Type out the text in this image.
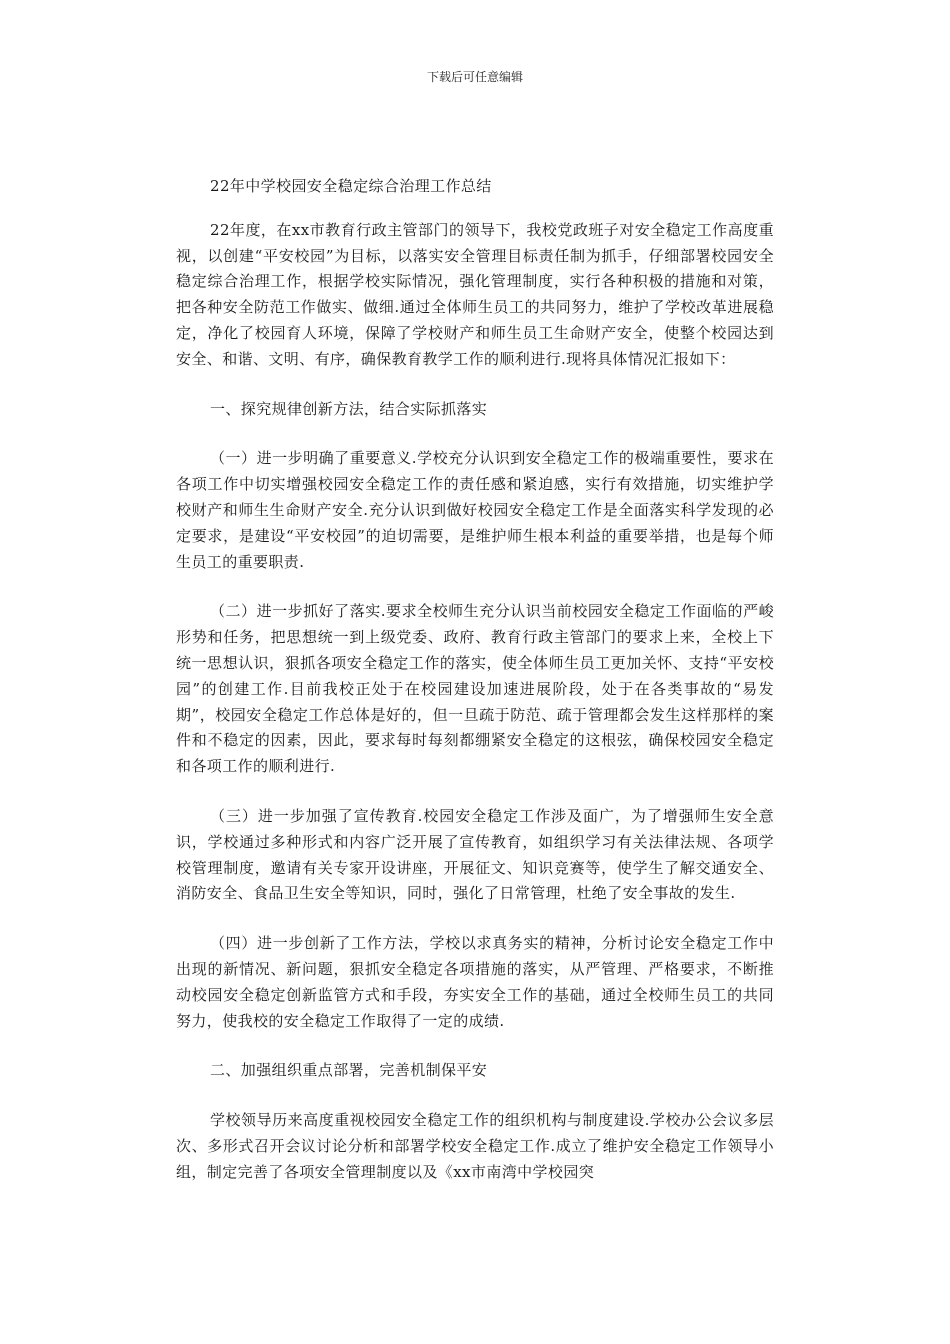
下载后可任意编辑

22年中学校园安全稳定综合治理工作总结

22年度，在xx市教育行政主管部门的领导下，我校党政班子对安全稳定工作高度重视，以创建“平安校园”为目标，以落实安全管理目标责任制为抓手，仔细部署校园安全稳定综合治理工作，根据学校实际情况，强化管理制度，实行各种积极的措施和对策，把各种安全防范工作做实、做细.通过全体师生员工的共同努力，维护了学校改革进展稳定，净化了校园育人环境，保障了学校财产和师生员工生命财产安全，使整个校园达到安全、和谐、文明、有序，确保教育教学工作的顺利进行.现将具体情况汇报如下：

一、探究规律创新方法，结合实际抓落实

（一）进一步明确了重要意义.学校充分认识到安全稳定工作的极端重要性，要求在各项工作中切实增强校园安全稳定工作的责任感和紧迫感，实行有效措施，切实维护学校财产和师生生命财产安全.充分认识到做好校园安全稳定工作是全面落实科学发现的必定要求，是建设“平安校园”的迫切需要，是维护师生根本利益的重要举措，也是每个师生员工的重要职责.

（二）进一步抓好了落实.要求全校师生充分认识当前校园安全稳定工作面临的严峻形势和任务，把思想统一到上级党委、政府、教育行政主管部门的要求上来，全校上下统一思想认识，狠抓各项安全稳定工作的落实，使全体师生员工更加关怀、支持“平安校园”的创建工作.目前我校正处于在校园建设加速进展阶段，处于在各类事故的“易发期”，校园安全稳定工作总体是好的，但一旦疏于防范、疏于管理都会发生这样那样的案件和不稳定的因素，因此，要求每时每刻都绷紧安全稳定的这根弦，确保校园安全稳定和各项工作的顺利进行.

（三）进一步加强了宣传教育.校园安全稳定工作涉及面广，为了增强师生安全意识，学校通过多种形式和内容广泛开展了宣传教育，如组织学习有关法律法规、各项学校管理制度，邀请有关专家开设讲座，开展征文、知识竞赛等，使学生了解交通安全、消防安全、食品卫生安全等知识，同时，强化了日常管理，杜绝了安全事故的发生.

（四）进一步创新了工作方法，学校以求真务实的精神，分析讨论安全稳定工作中出现的新情况、新问题，狠抓安全稳定各项措施的落实，从严管理、严格要求，不断推动校园安全稳定创新监管方式和手段，夯实安全工作的基础，通过全校师生员工的共同努力，使我校的安全稳定工作取得了一定的成绩.

二、加强组织重点部署，完善机制保平安

学校领导历来高度重视校园安全稳定工作的组织机构与制度建设.学校办公会议多层次、多形式召开会议讨论分析和部署学校安全稳定工作.成立了维护安全稳定工作领导小组，制定完善了各项安全管理制度以及《xx市南湾中学校园突
